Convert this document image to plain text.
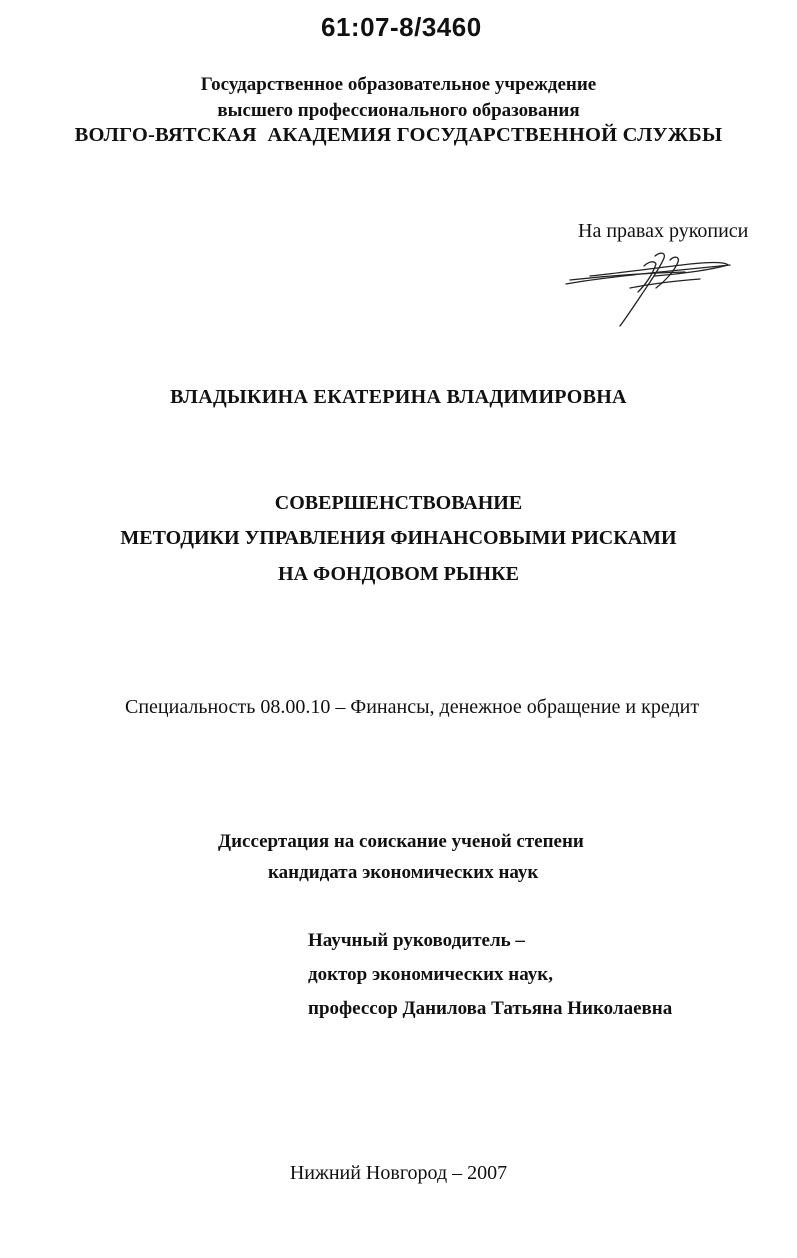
61:07-8/3460
Государственное образовательное учреждение
высшего профессионального образования
ВОЛГО-ВЯТСКАЯ  АКАДЕМИЯ ГОСУДАРСТВЕННОЙ СЛУЖБЫ
На правах рукописи
ВЛАДЫКИНА ЕКАТЕРИНА ВЛАДИМИРОВНА
СОВЕРШЕНСТВОВАНИЕ
МЕТОДИКИ УПРАВЛЕНИЯ ФИНАНСОВЫМИ РИСКАМИ
НА ФОНДОВОМ РЫНКЕ
Специальность 08.00.10 – Финансы, денежное обращение и кредит
Диссертация на соискание ученой степени
кандидата экономических наук
Научный руководитель –
доктор экономических наук,
профессор Данилова Татьяна Николаевна
Нижний Новгород – 2007
